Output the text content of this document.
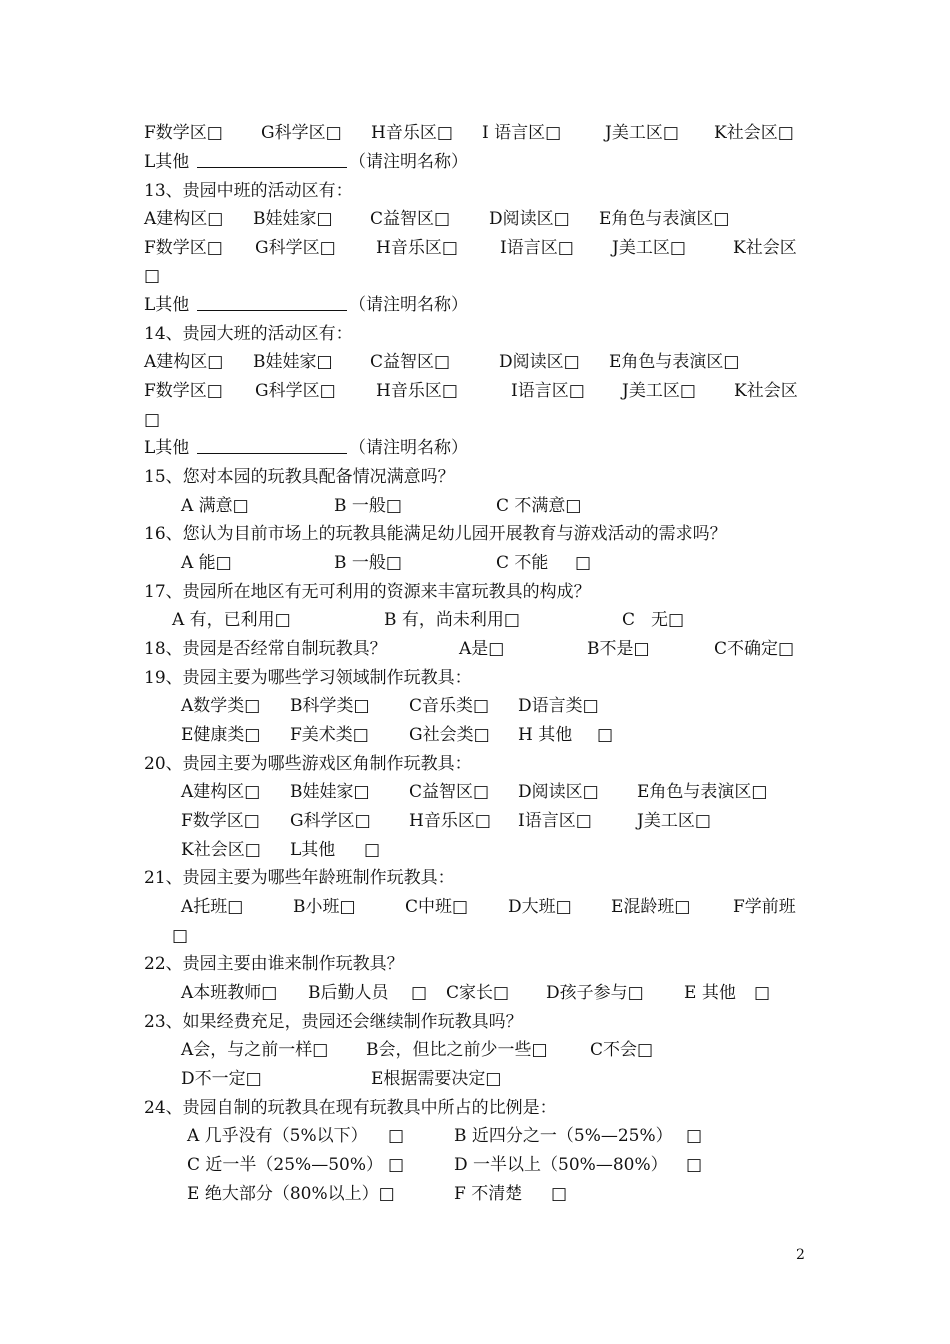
F数学区□ G科学区□ H音乐区□ I 语言区□	J美工区□ K社会区□
L其他	（请注明名称）
13、贵园中班的活动区有：
A建构区□ B娃娃家□ C益智区□ D阅读区□ E角色与表演区□
F数学区□ G科学区□ H音乐区□ I语言区□ J美工区□	K社会区
□
L其他	（请注明名称）
14、贵园大班的活动区有：
A建构区□ B娃娃家□ C益智区□	D阅读区□ E角色与表演区□
F数学区□ G科学区□ H音乐区□	I语言区□ J美工区□ K社会区
□
L其他	（请注明名称）
15、您对本园的玩教具配备情况满意吗？
A 满意□	B 一般□	C 不满意□
16、您认为目前市场上的玩教具能满足幼儿园开展教育与游戏活动的需求吗？
A 能□	B 一般□	C 不能 □
17、贵园所在地区有无可利用的资源来丰富玩教具的构成？
A 有，已利用□	B 有，尚未利用□	C 无□
18、贵园是否经常自制玩教具？	A是□	B不是□	C不确定□
19、贵园主要为哪些学习领域制作玩教具：
A数学类□ B科学类□ C音乐类□ D语言类□
E健康类□ F美术类□ G社会类□ H 其他 □
20、贵园主要为哪些游戏区角制作玩教具：
A建构区□ B娃娃家□ C益智区□ D阅读区□ E角色与表演区□
F数学区□ G科学区□ H音乐区□ I语言区□	J美工区□
K社会区□ L其他 □
21、贵园主要为哪些年龄班制作玩教具：
A托班□	B小班□	C中班□ D大班□ E混龄班□	F学前班
□
22、贵园主要由谁来制作玩教具？
A本班教师□ B后勤人员 □ C家长□ D孩子参与□ E 其他 □
23、如果经费充足，贵园还会继续制作玩教具吗？
A会，与之前一样□ B会，但比之前少一些□ C不会□
D不一定□	E根据需要决定□
24、贵园自制的玩教具在现有玩教具中所占的比例是：
A 几乎没有（5%以下） □	B 近四分之一（5%—25%） □
C 近一半（25%—50%） □	D 一半以上（50%—80%） □
E 绝大部分（80%以上）□	F 不清楚 □
2
